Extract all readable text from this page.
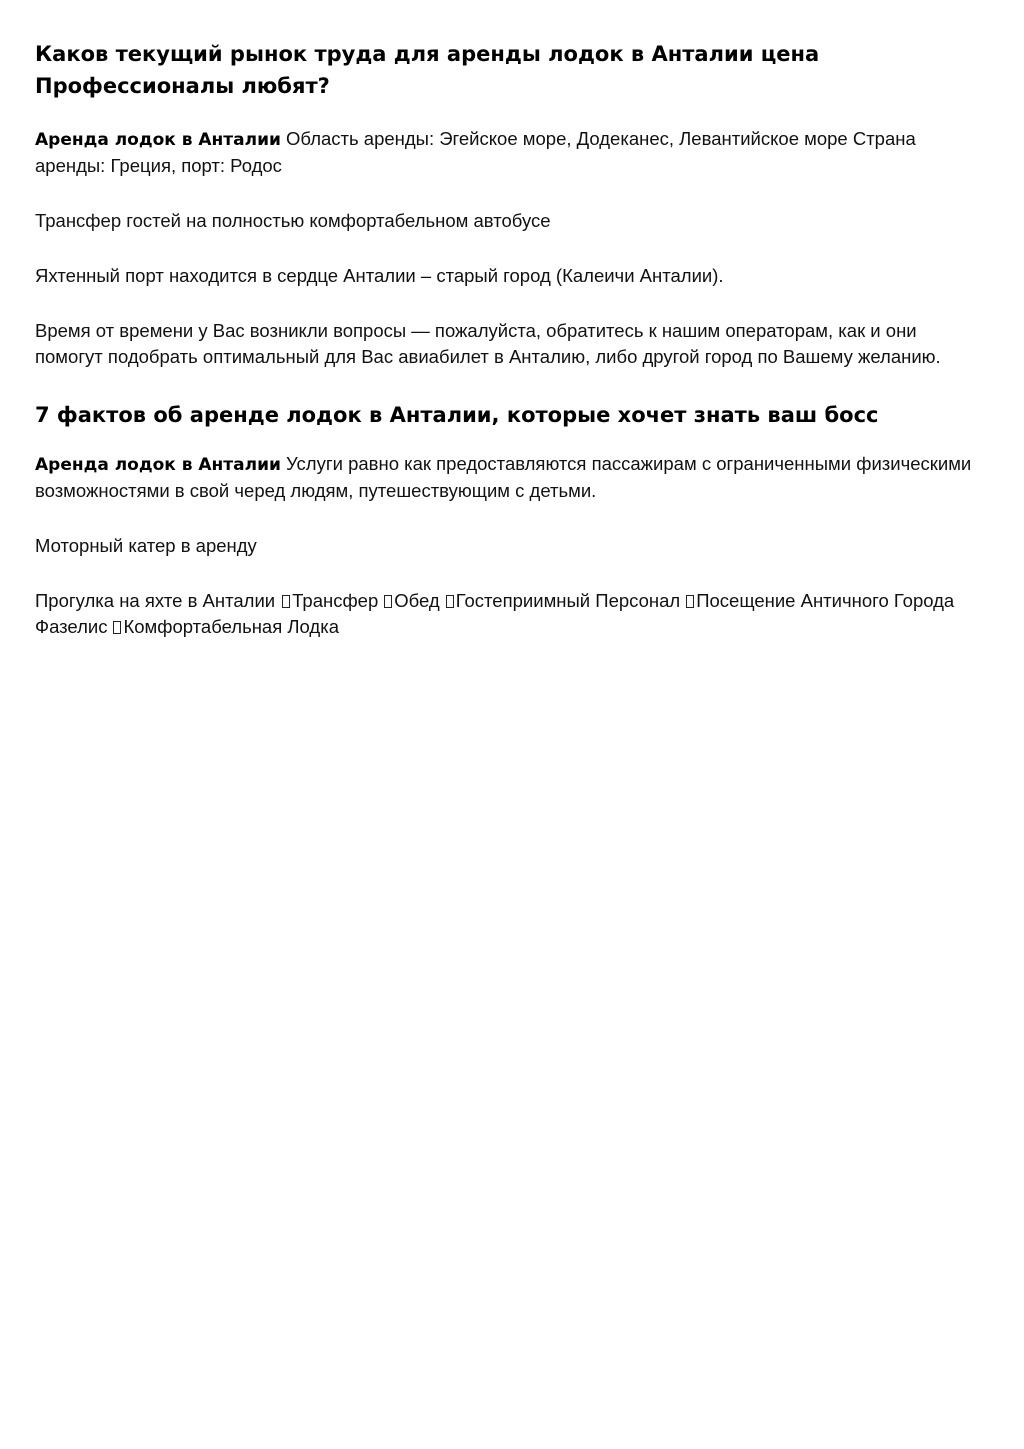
Каков текущий рынок труда для аренды лодок в Анталии цена Профессионалы любят?

Аренда лодок в Анталии Область аренды: Эгейское море, Додеканес, Левантийское море Страна аренды: Греция, порт: Родос

Трансфер гостей на полностью комфортабельном автобусе

Яхтенный порт находится в сердце Анталии – старый город (Калеичи Анталии).

Время от времени у Вас возникли вопросы — пожалуйста, обратитесь к нашим операторам, как и они помогут подобрать оптимальный для Вас авиабилет в Анталию, либо другой город по Вашему желанию.

7 фактов об аренде лодок в Анталии, которые хочет знать ваш босс

Аренда лодок в Анталии Услуги равно как предоставляются пассажирам с ограниченными физическими возможностями в свой черед людям, путешествующим с детьми.

Моторный катер в аренду

Прогулка на яхте в Анталии Трансфер Обед Гостеприимный Персонал Посещение Античного Города Фазелис Комфортабельная Лодка
